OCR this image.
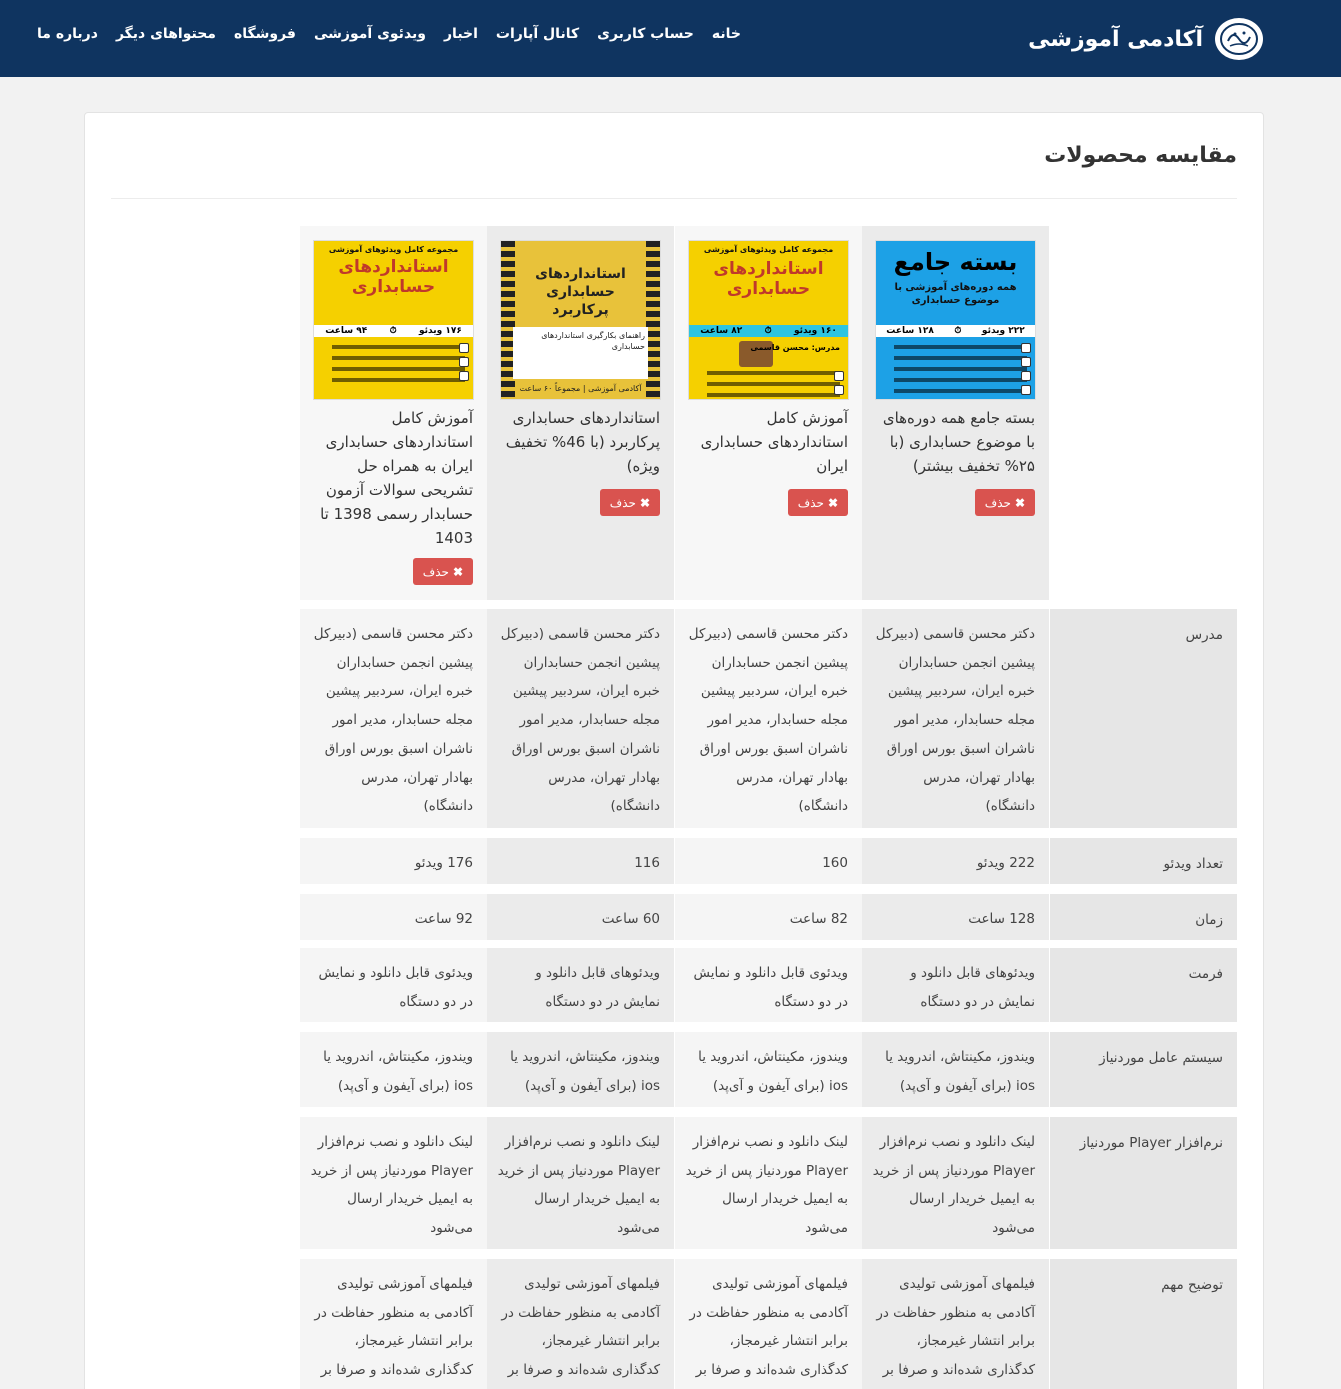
آکادمی آموزشی
خانه
حساب کاربری
کانال آپارات
اخبار
ویدئوی آموزشی
فروشگاه
محتواهای دیگر
درباره ما
مقایسه محصولات
بسته جامع
همه دوره‌های آموزشی با موضوع حسابداری
۲۲۲ ویدئو
⏱
۱۲۸ ساعت
بسته جامع همه دوره‌های با موضوع حسابداری (با ۲۵% تخفیف بیشتر)
✖
حذف
مجموعه کامل ویدئوهای آموزشی
استانداردهای حسابداری
۱۶۰ ویدئو
⏱
۸۲ ساعت
مدرس: محسن قاسمی
آموزش کامل استانداردهای حسابداری ایران
✖
حذف
استانداردهای حسابداری پرکاربرد
راهنمای بکارگیری استانداردهای حسابداری
آکادمی آموزشی | مجموعاً ۶۰ ساعت
استانداردهای حسابداری پرکاربرد (با 46% تخفیف ویژه)
✖
حذف
مجموعه کامل ویدئوهای آموزشی
استانداردهای حسابداری
۱۷۶ ویدئو
⏱
۹۴ ساعت
آموزش کامل استانداردهای حسابداری ایران به همراه حل تشریحی سوالات آزمون حسابدار رسمی 1398 تا 1403
✖
حذف
مدرس
دکتر محسن قاسمی (دبیرکل پیشین انجمن حسابداران خبره ایران، سردبیر پیشین مجله حسابدار، مدیر امور ناشران اسبق بورس اوراق بهادار تهران، مدرس دانشگاه)
دکتر محسن قاسمی (دبیرکل پیشین انجمن حسابداران خبره ایران، سردبیر پیشین مجله حسابدار، مدیر امور ناشران اسبق بورس اوراق بهادار تهران، مدرس دانشگاه)
دکتر محسن قاسمی (دبیرکل پیشین انجمن حسابداران خبره ایران، سردبیر پیشین مجله حسابدار، مدیر امور ناشران اسبق بورس اوراق بهادار تهران، مدرس دانشگاه)
دکتر محسن قاسمی (دبیرکل پیشین انجمن حسابداران خبره ایران، سردبیر پیشین مجله حسابدار، مدیر امور ناشران اسبق بورس اوراق بهادار تهران، مدرس دانشگاه)
تعداد ویدئو
222 ویدئو
160
116
176 ویدئو
زمان
128 ساعت
82 ساعت
60 ساعت
92 ساعت
فرمت
ویدئوهای قابل دانلود و نمایش در دو دستگاه
ویدئوی قابل دانلود و نمایش در دو دستگاه
ویدئوهای قابل دانلود و نمایش در دو دستگاه
ویدئوی قابل دانلود و نمایش در دو دستگاه
سیستم عامل موردنیاز
ویندوز، مکینتاش، اندروید یا ios (برای آیفون و آی‌پد)
ویندوز، مکینتاش، اندروید یا ios (برای آیفون و آی‌پد)
ویندوز، مکینتاش، اندروید یا ios (برای آیفون و آی‌پد)
ویندوز، مکینتاش، اندروید یا ios (برای آیفون و آی‌پد)
نرم‌افزار Player موردنیاز
لینک دانلود و نصب نرم‌افزار Player موردنیاز پس از خرید به ایمیل خریدار ارسال می‌شود
لینک دانلود و نصب نرم‌افزار Player موردنیاز پس از خرید به ایمیل خریدار ارسال می‌شود
لینک دانلود و نصب نرم‌افزار Player موردنیاز پس از خرید به ایمیل خریدار ارسال می‌شود
لینک دانلود و نصب نرم‌افزار Player موردنیاز پس از خرید به ایمیل خریدار ارسال می‌شود
توضیح مهم
فیلمهای آموزشی تولیدی آکادمی به منظور حفاظت در برابر انتشار غیرمجاز، کدگذاری شده‌اند و صرفا بر
فیلمهای آموزشی تولیدی آکادمی به منظور حفاظت در برابر انتشار غیرمجاز، کدگذاری شده‌اند و صرفا بر
فیلمهای آموزشی تولیدی آکادمی به منظور حفاظت در برابر انتشار غیرمجاز، کدگذاری شده‌اند و صرفا بر
فیلمهای آموزشی تولیدی آکادمی به منظور حفاظت در برابر انتشار غیرمجاز، کدگذاری شده‌اند و صرفا بر
